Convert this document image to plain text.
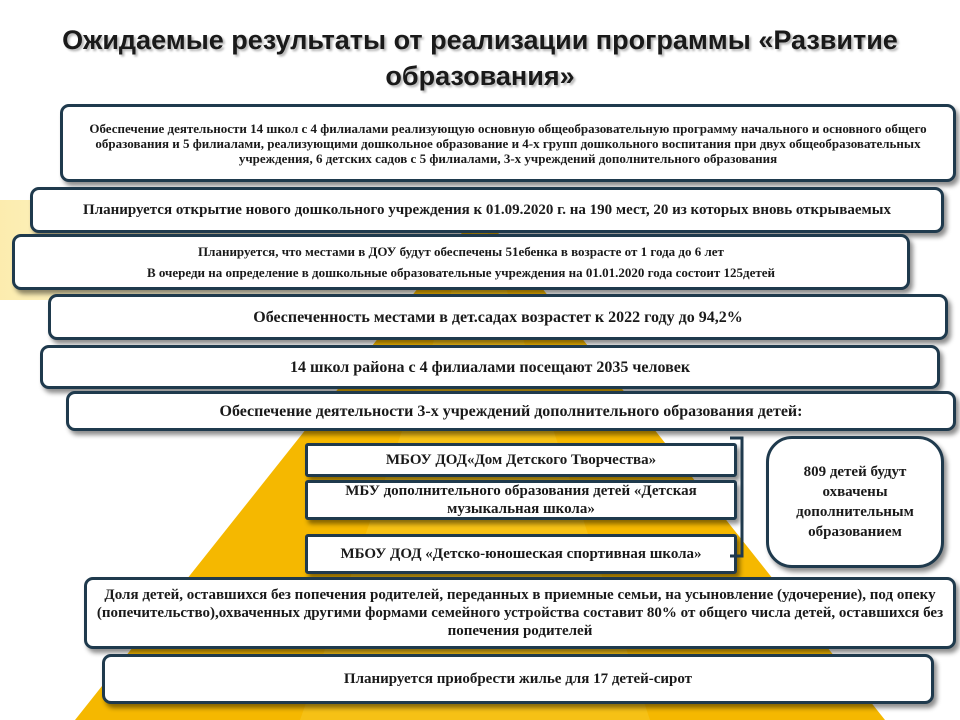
Ожидаемые результаты от реализации программы «Развитие образования»
Обеспечение деятельности 14 школ с 4 филиалами реализующую основную общеобразовательную программу начального и основного общего образования и 5 филиалами, реализующими дошкольное образование и 4-х групп дошкольного воспитания при двух общеобразовательных учреждения, 6 детских садов с 5 филиалами, 3-х учреждений дополнительного образования
Планируется открытие нового дошкольного учреждения к 01.09.2020 г. на 190 мест, 20 из которых вновь открываемых
Планируется, что местами в ДОУ будут обеспечены 51ебенка в возрасте от 1 года до 6 лет
В очереди на определение в дошкольные образовательные учреждения на 01.01.2020 года состоит 125детей
Обеспеченность местами в дет.садах возрастет к 2022 году до 94,2%
14 школ района с 4 филиалами посещают 2035 человек
Обеспечение деятельности 3-х учреждений дополнительного образования детей:
МБОУ ДОД«Дом Детского Творчества»
МБУ дополнительного образования детей «Детская музыкальная школа»
МБОУ ДОД «Детско-юношеская спортивная школа»
809 детей будут охвачены дополнительным образованием
Доля детей, оставшихся без попечения родителей, переданных в приемные семьи, на усыновление (удочерение), под опеку (попечительство),охваченных другими формами семейного устройства составит 80% от общего числа детей, оставшихся без попечения родителей
Планируется приобрести жилье для 17 детей-сирот
